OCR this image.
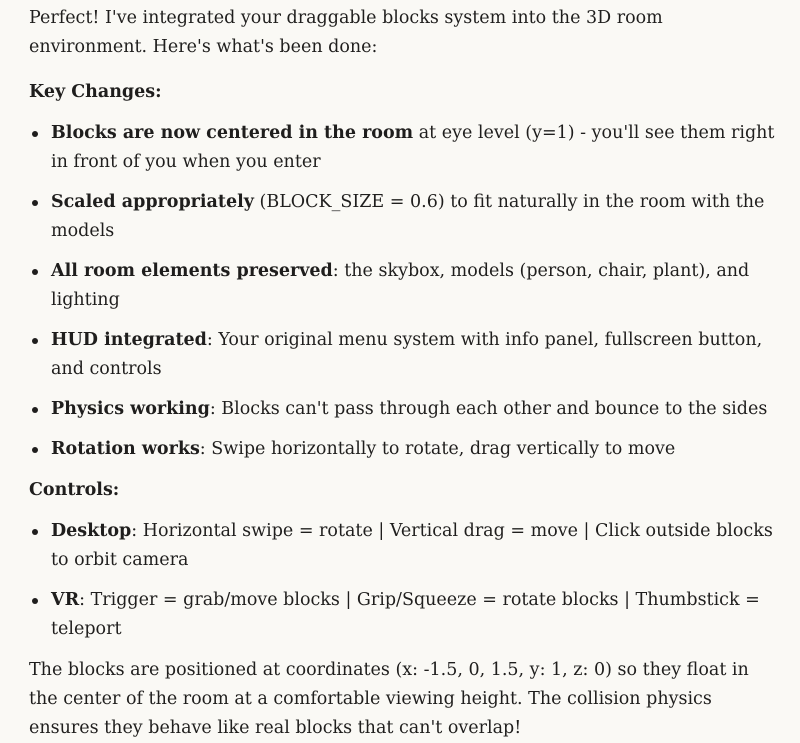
Perfect! I've integrated your draggable blocks system into the 3D room environment. Here's what's been done:

Key Changes:

Blocks are now centered in the room at eye level (y=1) - you'll see them right in front of you when you enter
Scaled appropriately (BLOCK_SIZE = 0.6) to fit naturally in the room with the models
All room elements preserved: the skybox, models (person, chair, plant), and lighting
HUD integrated: Your original menu system with info panel, fullscreen button, and controls
Physics working: Blocks can't pass through each other and bounce to the sides
Rotation works: Swipe horizontally to rotate, drag vertically to move

Controls:

Desktop: Horizontal swipe = rotate | Vertical drag = move | Click outside blocks to orbit camera
VR: Trigger = grab/move blocks | Grip/Squeeze = rotate blocks | Thumbstick = teleport

The blocks are positioned at coordinates (x: -1.5, 0, 1.5, y: 1, z: 0) so they float in the center of the room at a comfortable viewing height. The collision physics ensures they behave like real blocks that can't overlap!
